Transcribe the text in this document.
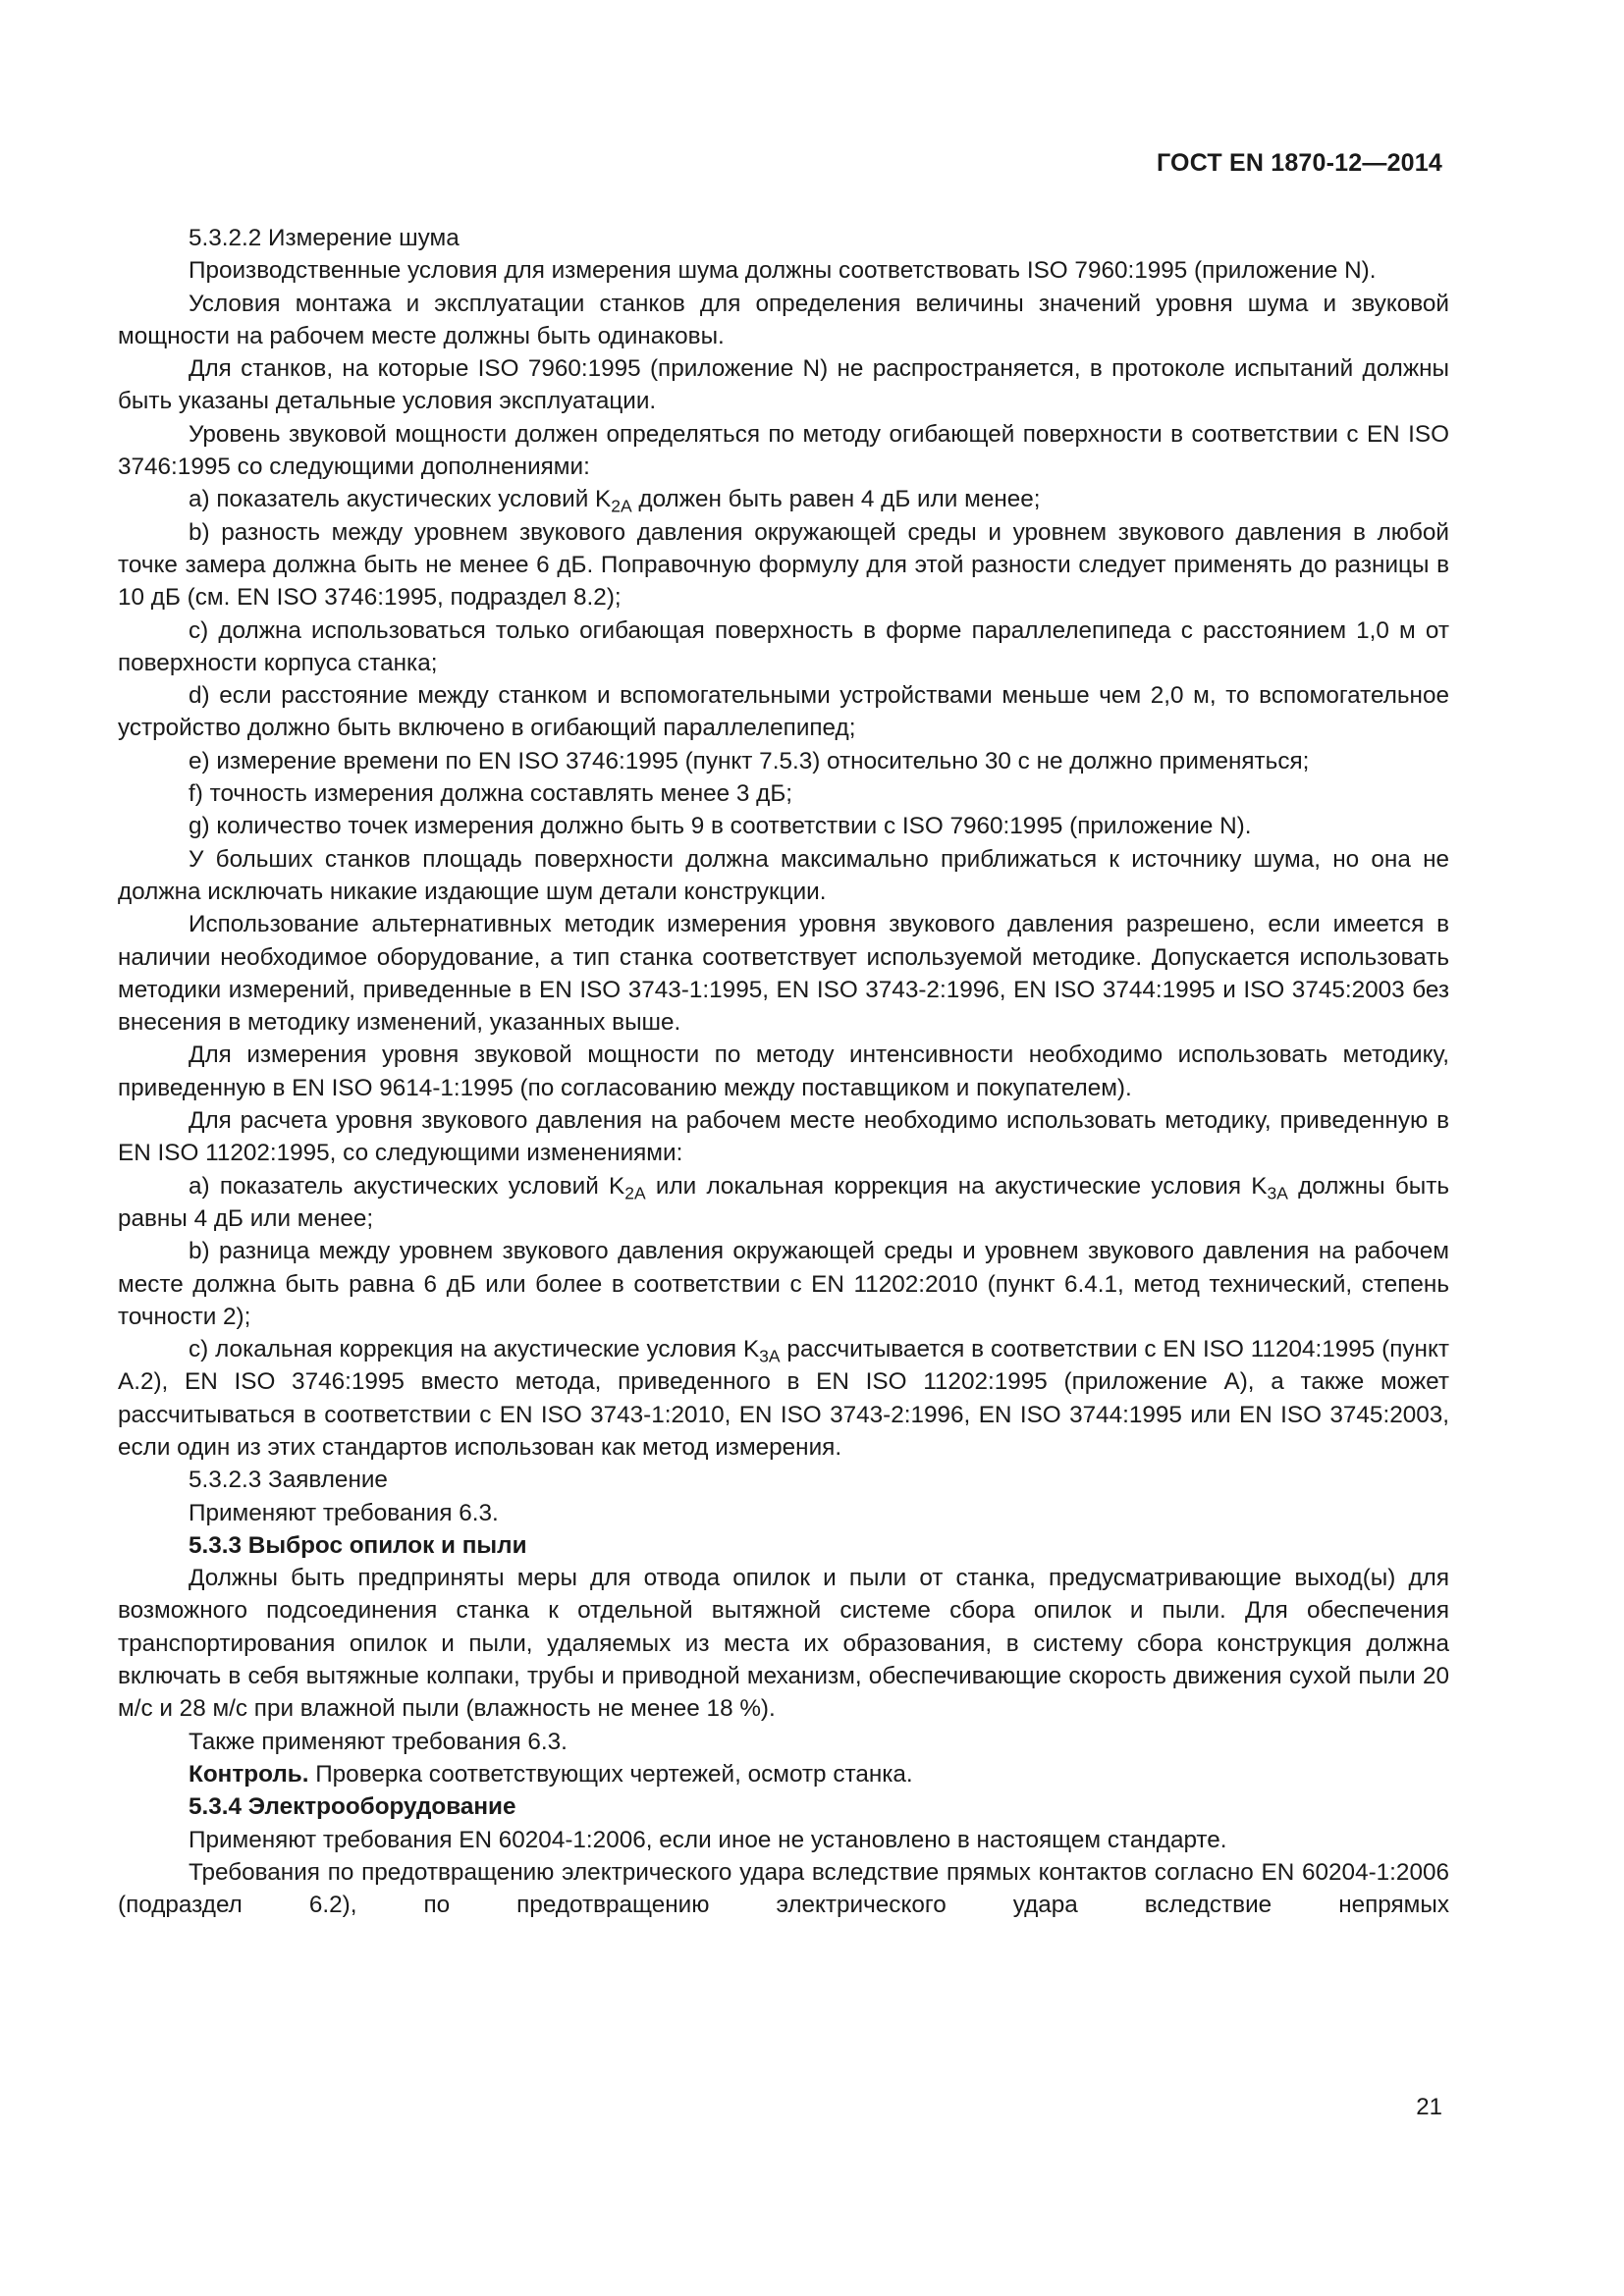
ГОСТ EN 1870-12—2014

5.3.2.2 Измерение шума

Производственные условия для измерения шума должны соответствовать ISO 7960:1995 (приложение N).

Условия монтажа и эксплуатации станков для определения величины значений уровня шума и звуковой мощности на рабочем месте должны быть одинаковы.

Для станков, на которые ISO 7960:1995 (приложение N) не распространяется, в протоколе испытаний должны быть указаны детальные условия эксплуатации.

Уровень звуковой мощности должен определяться по методу огибающей поверхности в соответствии с EN ISO 3746:1995 со следующими дополнениями:

a) показатель акустических условий $K_{2A}$ должен быть равен 4 дБ или менее;

b) разность между уровнем звукового давления окружающей среды и уровнем звукового давления в любой точке замера должна быть не менее 6 дБ. Поправочную формулу для этой разности следует применять до разницы в 10 дБ (см. EN ISO 3746:1995, подраздел 8.2);

c) должна использоваться только огибающая поверхность в форме параллелепипеда с расстоянием 1,0 м от поверхности корпуса станка;

d) если расстояние между станком и вспомогательными устройствами меньше чем 2,0 м, то вспомогательное устройство должно быть включено в огибающий параллелепипед;

e) измерение времени по EN ISO 3746:1995 (пункт 7.5.3) относительно 30 с не должно применяться;

f) точность измерения должна составлять менее 3 дБ;

g) количество точек измерения должно быть 9 в соответствии с ISO 7960:1995 (приложение N).

У больших станков площадь поверхности должна максимально приближаться к источнику шума, но она не должна исключать никакие издающие шум детали конструкции.

Использование альтернативных методик измерения уровня звукового давления разрешено, если имеется в наличии необходимое оборудование, а тип станка соответствует используемой методике. Допускается использовать методики измерений, приведенные в EN ISO 3743-1:1995, EN ISO 3743-2:1996, EN ISO 3744:1995 и ISO 3745:2003 без внесения в методику изменений, указанных выше.

Для измерения уровня звуковой мощности по методу интенсивности необходимо использовать методику, приведенную в EN ISO 9614-1:1995 (по согласованию между поставщиком и покупателем).

Для расчета уровня звукового давления на рабочем месте необходимо использовать методику, приведенную в EN ISO 11202:1995, со следующими изменениями:

a) показатель акустических условий $K_{2A}$ или локальная коррекция на акустические условия $K_{3A}$ должны быть равны 4 дБ или менее;

b) разница между уровнем звукового давления окружающей среды и уровнем звукового давления на рабочем месте должна быть равна 6 дБ или более в соответствии с EN 11202:2010 (пункт 6.4.1, метод технический, степень точности 2);

c) локальная коррекция на акустические условия $K_{3A}$ рассчитывается в соответствии с EN ISO 11204:1995 (пункт A.2), EN ISO 3746:1995 вместо метода, приведенного в EN ISO 11202:1995 (приложение A), а также может рассчитываться в соответствии с EN ISO 3743-1:2010, EN ISO 3743-2:1996, EN ISO 3744:1995 или EN ISO 3745:2003, если один из этих стандартов использован как метод измерения.

5.3.2.3 Заявление

Применяют требования 6.3.

5.3.3 Выброс опилок и пыли

Должны быть предприняты меры для отвода опилок и пыли от станка, предусматривающие выход(ы) для возможного подсоединения станка к отдельной вытяжной системе сбора опилок и пыли. Для обеспечения транспортирования опилок и пыли, удаляемых из места их образования, в систему сбора конструкция должна включать в себя вытяжные колпаки, трубы и приводной механизм, обеспечивающие скорость движения сухой пыли 20 м/с и 28 м/с при влажной пыли (влажность не менее 18 %).

Также применяют требования 6.3.

Контроль. Проверка соответствующих чертежей, осмотр станка.

5.3.4 Электрооборудование

Применяют требования EN 60204-1:2006, если иное не установлено в настоящем стандарте.

Требования по предотвращению электрического удара вследствие прямых контактов согласно EN 60204-1:2006 (подраздел 6.2), по предотвращению электрического удара вследствие непрямых

21
